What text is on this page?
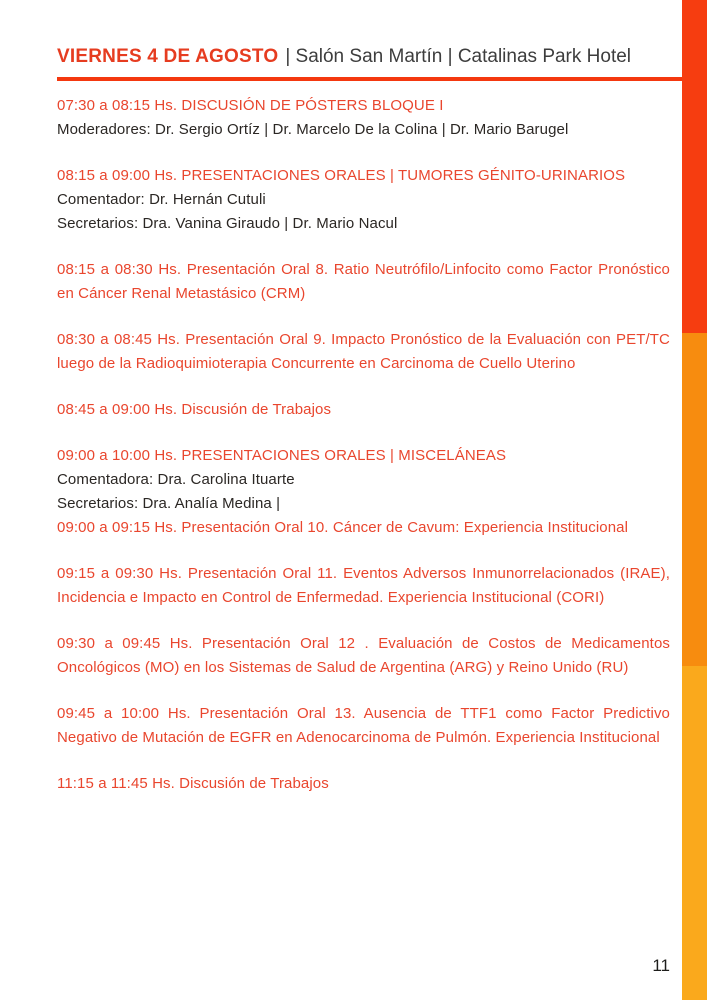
VIERNES 4 DE AGOSTO | Salón San Martín | Catalinas Park Hotel

07:30 a 08:15 Hs. DISCUSIÓN DE PÓSTERS BLOQUE I

Moderadores: Dr. Sergio Ortíz | Dr. Marcelo De la Colina | Dr. Mario Barugel

08:15 a 09:00 Hs. PRESENTACIONES ORALES | TUMORES GÉNITO-URINARIOS

Comentador: Dr. Hernán Cutuli

Secretarios: Dra. Vanina Giraudo | Dr. Mario Nacul

08:15 a 08:30 Hs. Presentación Oral 8. Ratio Neutrófilo/Linfocito como Factor Pronóstico en Cáncer Renal Metastásico (CRM)

08:30 a 08:45 Hs. Presentación Oral 9. Impacto Pronóstico de la Evaluación con PET/TC luego de la Radioquimioterapia Concurrente en Carcinoma de Cuello Uterino

08:45 a 09:00 Hs. Discusión de Trabajos

09:00 a 10:00 Hs. PRESENTACIONES ORALES | MISCELÁNEAS

Comentadora: Dra. Carolina Ituarte

Secretarios: Dra. Analía Medina |

09:00 a 09:15 Hs. Presentación Oral 10. Cáncer de Cavum: Experiencia Institucional

09:15 a 09:30 Hs. Presentación Oral 11. Eventos Adversos Inmunorrelacionados (IRAE), Incidencia e Impacto en Control de Enfermedad. Experiencia Institucional (CORI)

09:30 a 09:45 Hs. Presentación Oral 12 . Evaluación de Costos de Medicamentos Oncológicos (MO) en los Sistemas de Salud de Argentina (ARG) y Reino Unido (RU)

09:45 a 10:00 Hs. Presentación Oral 13. Ausencia de TTF1 como Factor Predictivo Negativo de Mutación de EGFR en Adenocarcinoma de Pulmón. Experiencia Institucional

11:15 a 11:45 Hs. Discusión de Trabajos

11
